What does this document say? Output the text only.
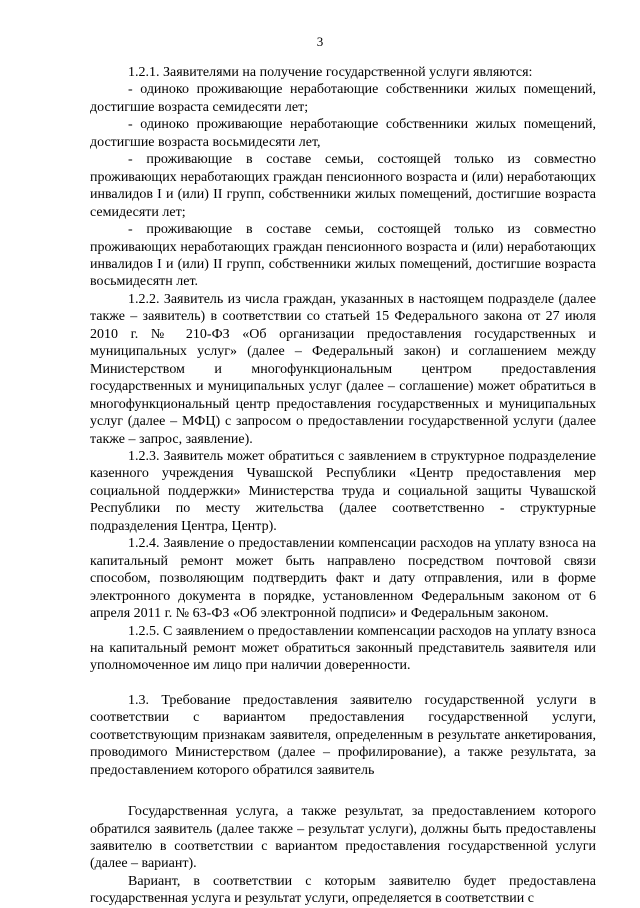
3

1.2.1. Заявителями на получение государственной услуги являются:

- одиноко проживающие неработающие собственники жилых помещений, достигшие возраста семидесяти лет;

- одиноко проживающие неработающие собственники жилых помещений, достигшие возраста восьмидесяти лет,

- проживающие в составе семьи, состоящей только из совместно проживающих неработающих граждан пенсионного возраста и (или) неработающих инвалидов I и (или) II групп, собственники жилых помещений, достигшие возраста семидесяти лет;

- проживающие в составе семьи, состоящей только из совместно проживающих неработающих граждан пенсионного возраста и (или) неработающих инвалидов I и (или) II групп, собственники жилых помещений, достигшие возраста восьмидесятн лет.

1.2.2. Заявитель из числа граждан, указанных в настоящем подразделе (далее также – заявитель) в соответствии со статьей 15 Федерального закона от 27 июля 2010 г. № 210-ФЗ «Об организации предоставления государственных и муниципальных услуг» (далее – Федеральный закон) и соглашением между Министерством и многофункциональным центром предоставления государственных и муниципальных услуг (далее – соглашение) может обратиться в многофункциональный центр предоставления государственных и муниципальных услуг (далее – МФЦ) с запросом о предоставлении государственной услуги (далее также – запрос, заявление).

1.2.3. Заявитель может обратиться с заявлением в структурное подразделение казенного учреждения Чувашской Республики «Центр предоставления мер социальной поддержки» Министерства труда и социальной защиты Чувашской Республики по месту жительства (далее соответственно - структурные подразделения Центра, Центр).

1.2.4. Заявление о предоставлении компенсации расходов на уплату взноса на капитальный ремонт может быть направлено посредством почтовой связи способом, позволяющим подтвердить факт и дату отправления, или в форме электронного документа в порядке, установленном Федеральным законом от 6 апреля 2011 г. № 63-ФЗ «Об электронной подписи» и Федеральным законом.

1.2.5. С заявлением о предоставлении компенсации расходов на уплату взноса на капитальный ремонт может обратиться законный представитель заявителя или уполномоченное им лицо при наличии доверенности.

1.3. Требование предоставления заявителю государственной услуги в соответствии с вариантом предоставления государственной услуги, соответствующим признакам заявителя, определенным в результате анкетирования, проводимого Министерством (далее – профилирование), а также результата, за предоставлением которого обратился заявитель

Государственная услуга, а также результат, за предоставлением которого обратился заявитель (далее также – результат услуги), должны быть предоставлены заявителю в соответствии с вариантом предоставления государственной услуги (далее – вариант).

Вариант, в соответствии с которым заявителю будет предоставлена государственная услуга и результат услуги, определяется в соответствии с
